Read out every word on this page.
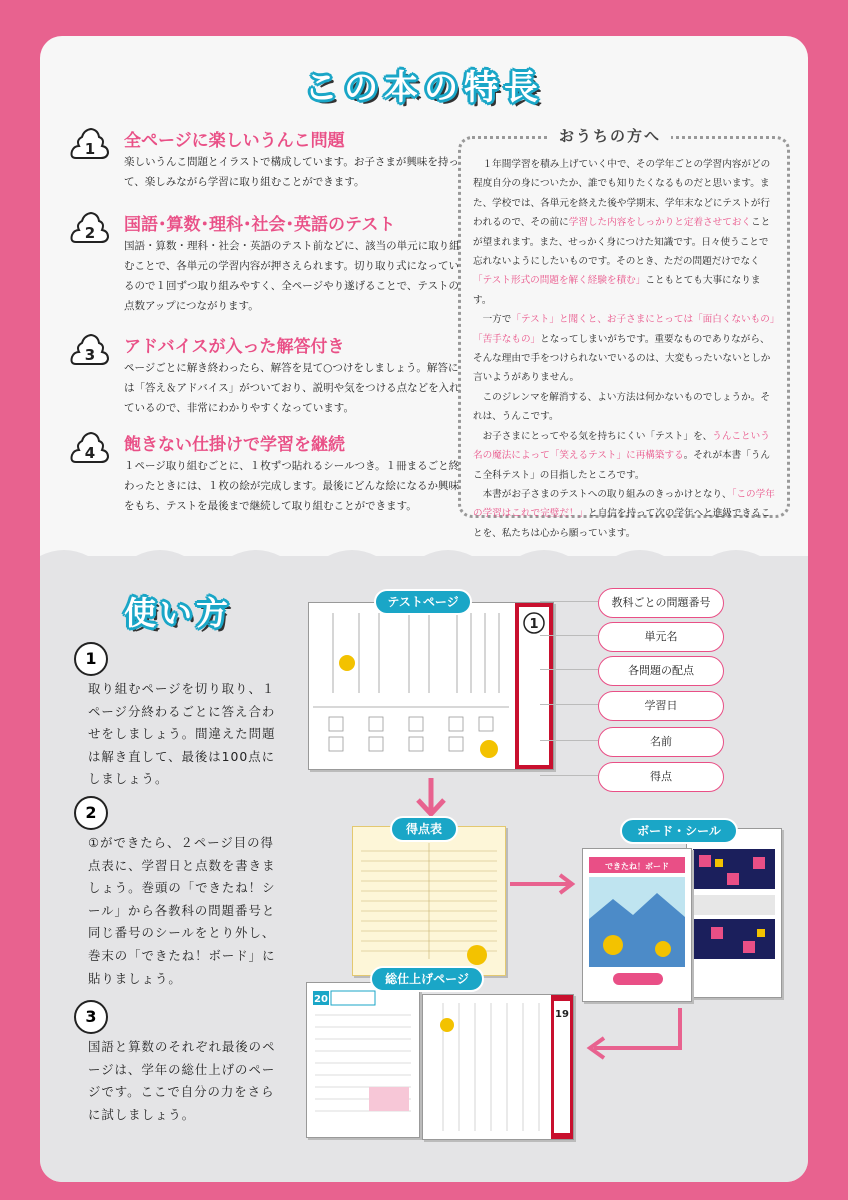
この本の特長
1 全ページに楽しいうんこ問題

楽しいうんこ問題とイラストで構成しています。お子さまが興味を持って、楽しみながら学習に取り組むことができます。

2 国語･算数･理科･社会･英語のテスト

国語・算数・理科・社会・英語のテスト前などに、該当の単元に取り組むことで、各単元の学習内容が押さえられます。切り取り式になっているので１回ずつ取り組みやすく、全ページやり遂げることで、テストの点数アップにつながります。

3 アドバイスが入った解答付き

ページごとに解き終わったら、解答を見て○つけをしましょう。解答には「答え＆アドバイス」がついており、説明や気をつける点などを入れているので、非常にわかりやすくなっています。

4 飽きない仕掛けで学習を継続

１ページ取り組むごとに、１枚ずつ貼れるシールつき。１冊まるごと終わったときには、１枚の絵が完成します。最後にどんな絵になるか興味をもち、テストを最後まで継続して取り組むことができます。

おうちの方へ

１年間学習を積み上げていく中で、その学年ごとの学習内容がどの程度自分の身についたか、誰でも知りたくなるものだと思います。また、学校では、各単元を終えた後や学期末、学年末などにテストが行われるので、その前に学習した内容をしっかりと定着させておくことが望まれます。また、せっかく身につけた知識です。日々使うことで忘れないようにしたいものです。そのとき、ただの問題だけでなく「テスト形式の問題を解く経験を積む」こともとても大事になります。

一方で「テスト」と聞くと、お子さまにとっては「面白くないもの」「苦手なもの」となってしまいがちです。重要なものでありながら、そんな理由で手をつけられないでいるのは、大変もったいないとしか言いようがありません。

このジレンマを解消する、よい方法は何かないものでしょうか。それは、うんこです。

お子さまにとってやる気を持ちにくい「テスト」を、うんこという名の魔法によって「笑えるテスト」に再構築する。それが本書「うんこ全科テスト」の目指したところです。

本書がお子さまのテストへの取り組みのきっかけとなり、「この学年の学習はこれで完璧だ！」と自信を持って次の学年へと進級できることを、私たちは心から願っています。

使い方
1
取り組むページを切り取り、１ページ分終わるごとに答え合わせをしましょう。間違えた問題は解き直して、最後は100点にしましょう。
2
①ができたら、２ページ目の得点表に、学習日と点数を書きましょう。巻頭の「できたね！シール」から各教科の問題番号と同じ番号のシールをとり外し、巻末の「できたね！ボード」に貼りましょう。
3
国語と算数のそれぞれ最後のページは、学年の総仕上げのページです。ここで自分の力をさらに試しましょう。
1
テストページ	教科ごとの問題番号
単元名
各問題の配点
学習日
名前
得点
得点表
できたね！ボード
ボード・シール
20
19
総仕上げページ
